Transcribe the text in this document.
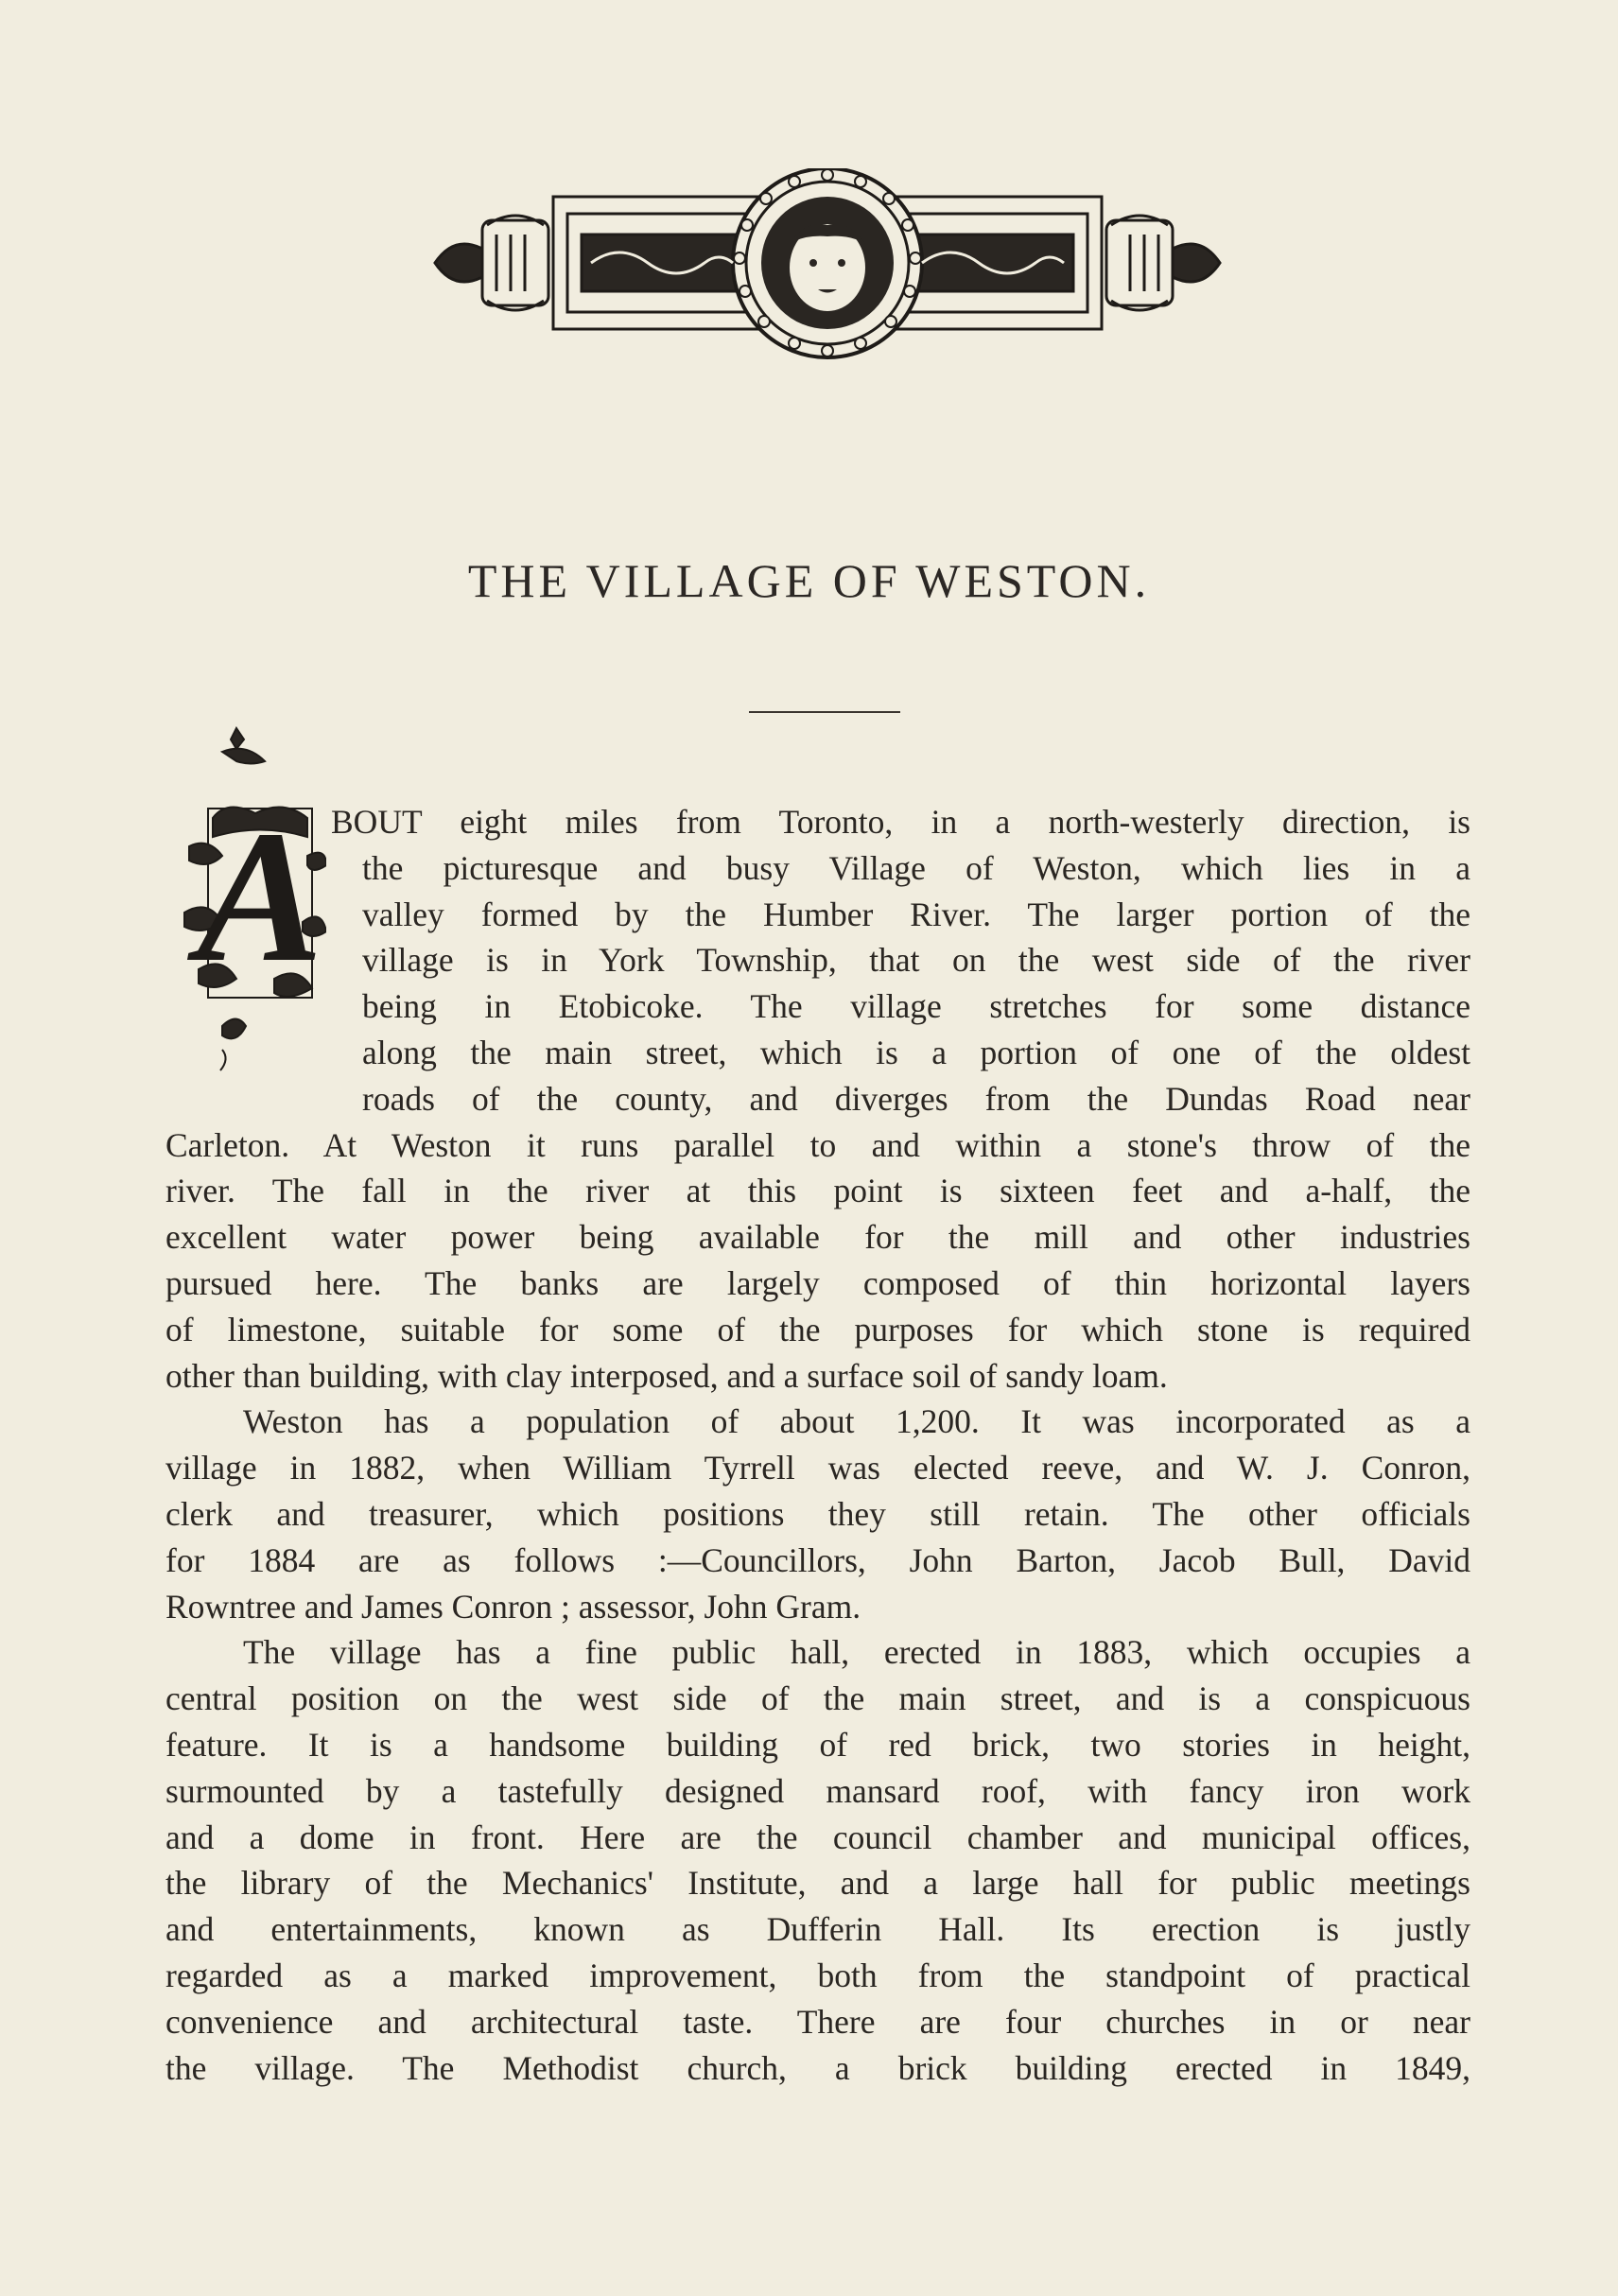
THE VILLAGE OF WESTON.
A BOUT eight miles from Toronto, in a north-westerly direction, is
the picturesque and busy Village of Weston, which lies in a
valley formed by the Humber River. The larger portion of the
village is in York Township, that on the west side of the river
being in Etobicoke. The village stretches for some distance
along the main street, which is a portion of one of the oldest
roads of the county, and diverges from the Dundas Road near
Carleton. At Weston it runs parallel to and within a stone's throw of the
river. The fall in the river at this point is sixteen feet and a-half, the
excellent water power being available for the mill and other industries
pursued here. The banks are largely composed of thin horizontal layers
of limestone, suitable for some of the purposes for which stone is required
other than building, with clay interposed, and a surface soil of sandy loam.

Weston has a population of about 1,200. It was incorporated as a
village in 1882, when William Tyrrell was elected reeve, and W. J. Conron,
clerk and treasurer, which positions they still retain. The other officials
for 1884 are as follows :—Councillors, John Barton, Jacob Bull, David
Rowntree and James Conron ; assessor, John Gram.

The village has a fine public hall, erected in 1883, which occupies a
central position on the west side of the main street, and is a conspicuous
feature. It is a handsome building of red brick, two stories in height,
surmounted by a tastefully designed mansard roof, with fancy iron work
and a dome in front. Here are the council chamber and municipal offices,
the library of the Mechanics' Institute, and a large hall for public meetings
and entertainments, known as Dufferin Hall. Its erection is justly
regarded as a marked improvement, both from the standpoint of practical
convenience and architectural taste. There are four churches in or near
the village. The Methodist church, a brick building erected in 1849,
